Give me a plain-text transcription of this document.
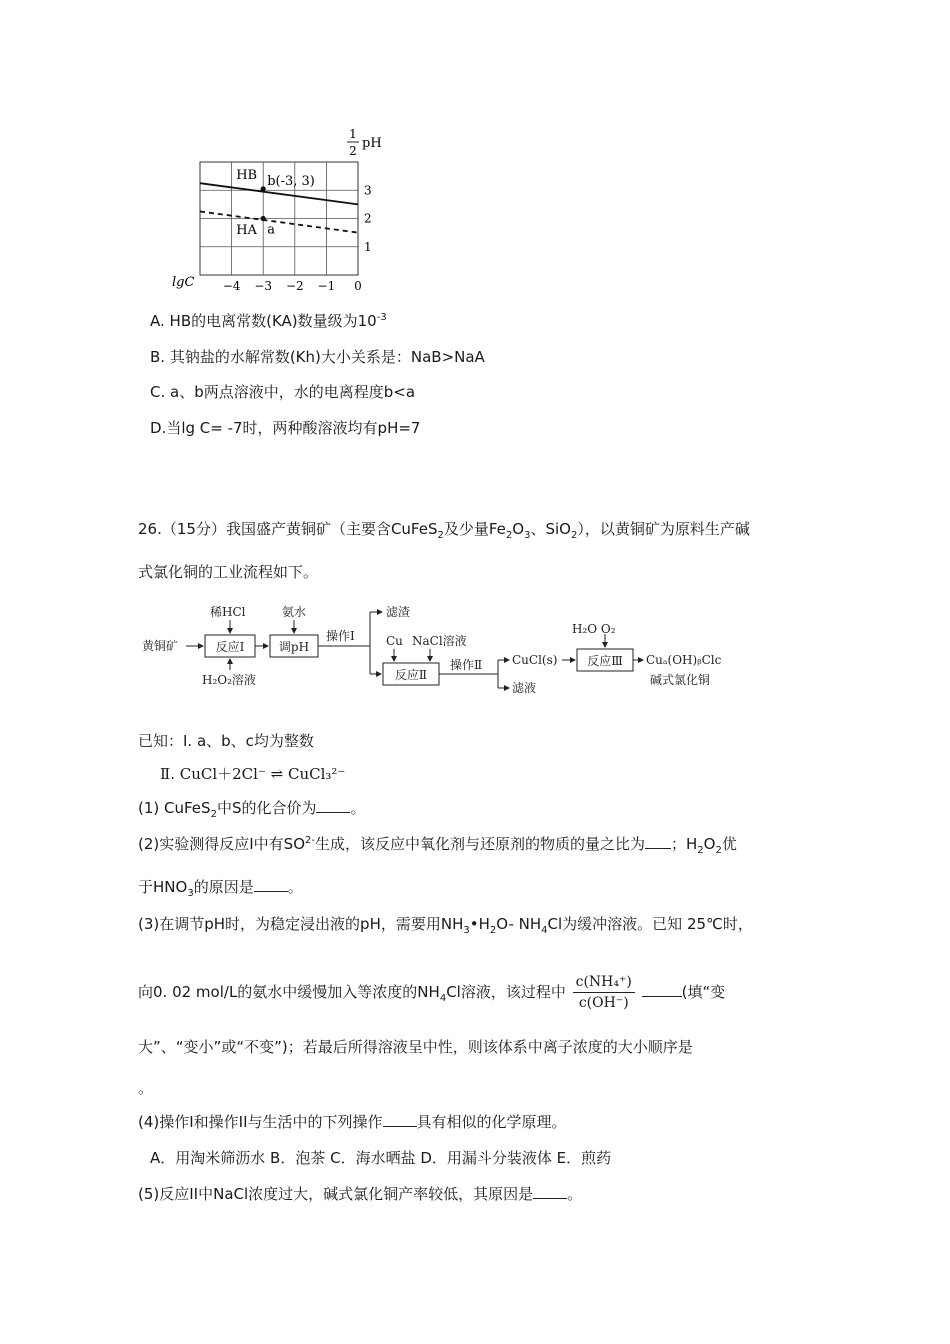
HB
HA
b(-3, 3)
a
−4 −3 −2 −1 0
3
2
1
1
2 pH
lgC
A. HB的电离常数(KA)数量级为$10^{-3}$
B. 其钠盐的水解常数(Kh)大小关系是：NaB>NaA
C. a、b两点溶液中，水的电离程度b<a
D.当lg C= -7时，两种酸溶液均有pH=7
26.（15分）我国盛产黄铜矿（主要含CuFeS$_2$及少量$Fe_2O_3$、SiO$_2$），以黄铜矿为原料生产碱
式氯化铜的工业流程如下。
黄铜矿	反应Ⅰ
稀HCl
H₂O₂溶液
调pH
氨水
操作Ⅰ
滤渣
反应Ⅱ
Cu NaCl溶液
操作Ⅱ CuCl(s)
滤液
反应Ⅲ
H₂O O₂
Cuₐ(OH)ᵦClc
碱式氯化铜
已知：I. a、b、c均为整数
Ⅱ. CuCl＋2Cl⁻ ⇌ CuCl₃²⁻
(1) CuFeS$_2$中S的化合价为 。
(2)实验测得反应I中有$SO^{2-}$生成，该反应中氧化剂与还原剂的物质的量之比为 ；$H_2O_2$优
于$HNO_3$的原因是 。
(3)在调节pH时，为稳定浸出液的pH，需要用$NH_3•H_2O-$ $NH_4Cl$为缓冲溶液。已知 25℃时，
向0. 02 mol/L的氨水中缓慢加入等浓度的$NH_4Cl$溶液，该过程中 $\frac{\text{c(NH₄⁺)}}{c(OH^-)}$	(填“变
大”、“变小”或“不变”)；若最后所得溶液呈中性，则该体系中离子浓度的大小顺序是
。
(4)操作I和操作II与生活中的下列操作 具有相似的化学原理。
A．用淘米筛沥水 B．泡茶 C．海水晒盐 D．用漏斗分装液体 E．煎药
(5)反应II中NaCl浓度过大，碱式氯化铜产率较低，其原因是 。
